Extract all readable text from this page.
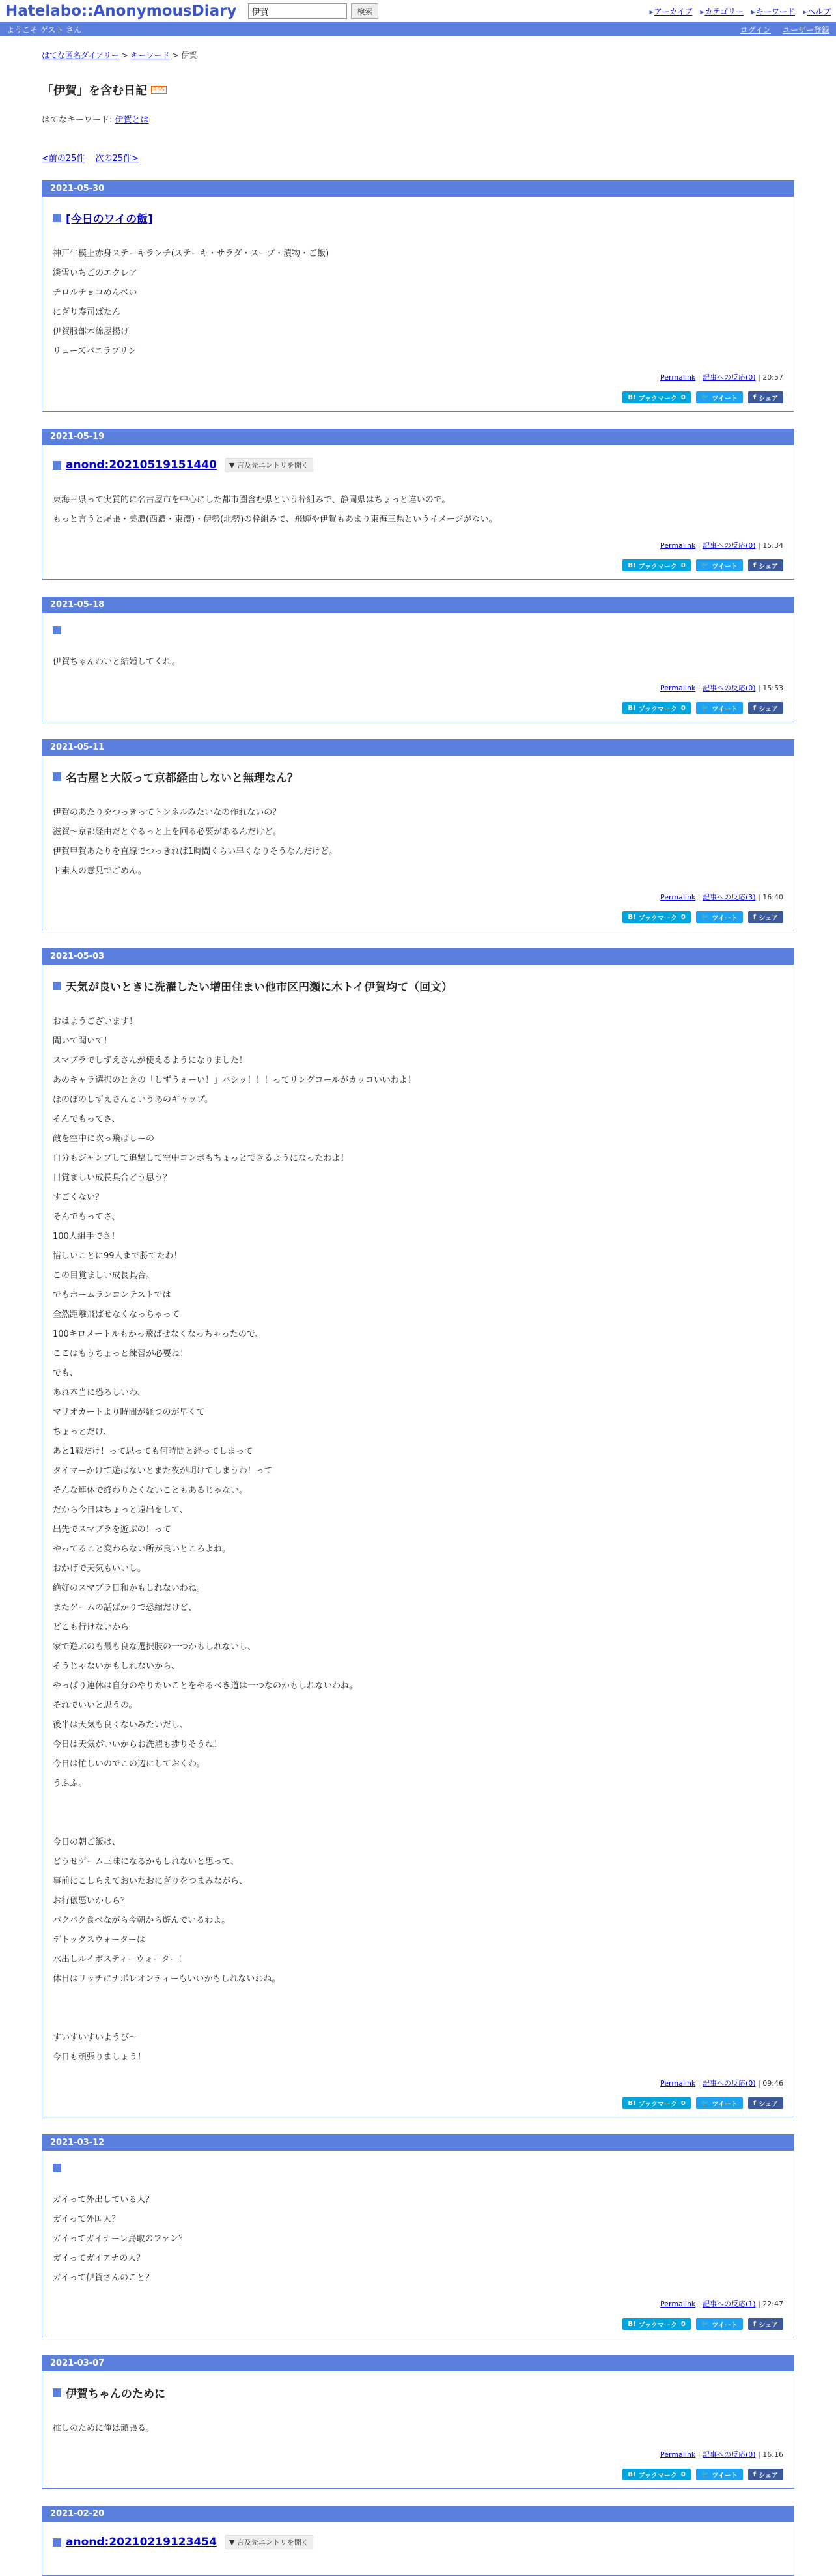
Hatelabo::AnonymousDiary
伊賀	検索	▸ アーカイブ	▸ カテゴリー	▸ キーワード	▸ ヘルプ
ようこそ ゲスト さん	ログイン ユーザー登録
はてな匿名ダイアリー > キーワード > 伊賀
「伊賀」を含む日記	RSS
はてなキーワード: 伊賀とは
<前の25件 次の25件>
2021-05-30
[今日のワイの飯]
神戸牛模上赤身ステーキランチ(ステーキ・サラダ・スープ・漬物・ご飯)
淡雪いちごのエクレア
チロルチョコめんべい
にぎり寿司ばたん
伊賀服部木綿屋揚げ
リューズバニラプリン
Permalink | 記事への反応(0) | 20:57
B! ブックマーク 0 🐦 ツイート f シェア
2021-05-19
anond:20210519151440	▼ 言及先エントリを開く
東海三県って実質的に名古屋市を中心にした都市圏含む県という枠組みで、静岡県はちょっと違いので。
もっと言うと尾張・美濃(西濃・東濃)・伊勢(北勢)の枠組みで、飛騨や伊賀もあまり東海三県というイメージがない。
Permalink | 記事への反応(0) | 15:34
B! ブックマーク 0 🐦 ツイート f シェア
2021-05-18
伊賀ちゃんわいと結婚してくれ。
Permalink | 記事への反応(0) | 15:53
B! ブックマーク 0 🐦 ツイート f シェア
2021-05-11
名古屋と大阪って京都経由しないと無理なん？
伊賀のあたりをつっきってトンネルみたいなの作れないの？
滋賀〜京都経由だとぐるっと上を回る必要があるんだけど。
伊賀甲賀あたりを直線でつっきれば1時間くらい早くなりそうなんだけど。
ド素人の意見でごめん。
Permalink | 記事への反応(3) | 16:40
B! ブックマーク 0 🐦 ツイート f シェア
2021-05-03
天気が良いときに洗濯したい増田住まい他市区円瀬に木トイ伊賀均て（回文）
おはようございます！
聞いて聞いて！
スマブラでしずえさんが使えるようになりました！
あのキャラ選択のときの「しずうぇーい！」バシッ！！！ってリングコールがカッコいいわよ！
ほのぼのしずえさんというあのギャップ。
そんでもってさ、
敵を空中に吹っ飛ばしーの
自分もジャンプして追撃して空中コンボもちょっとできるようになったわよ！
目覚ましい成長具合どう思う？
すごくない？
そんでもってさ、
100人組手でさ！
惜しいことに99人まで勝てたわ！
この目覚ましい成長具合。
でもホームランコンテストでは
全然距離飛ばせなくなっちゃって
100キロメートルもかっ飛ばせなくなっちゃったので、
ここはもうちょっと練習が必要ね！
でも、
あれ本当に恐ろしいわ、
マリオカートより時間が経つのが早くて
ちょっとだけ、
あと1戦だけ！って思っても何時間と経ってしまって
タイマーかけて遊ばないとまた夜が明けてしまうわ！って
そんな連休で終わりたくないこともあるじゃない。
だから今日はちょっと遠出をして、
出先でスマブラを遊ぶの！って
やってること変わらない所が良いところよね。
おかげで天気もいいし。
絶好のスマブラ日和かもしれないわね。
またゲームの話ばかりで恐縮だけど、
どこも行けないから
家で遊ぶのも最も良な選択肢の一つかもしれないし、
そうじゃないかもしれないから、
やっぱり連休は自分のやりたいことをやるべき道は一つなのかもしれないわね。
それでいいと思うの。
後半は天気も良くないみたいだし、
今日は天気がいいからお洗濯も捗りそうね！
今日は忙しいのでこの辺にしておくわ。
うふふ。
今日の朝ご飯は、
どうせゲーム三昧になるかもしれないと思って、
事前にこしらえておいたおにぎりをつまみながら、
お行儀悪いかしら？
パクパク食べながら今朝から遊んでいるわよ。
デトックスウォーターは
水出しルイボスティーウォーター！
休日はリッチにナポレオンティーもいいかもしれないわね。
すいすいすいようび〜
今日も頑張りましょう！
Permalink | 記事への反応(0) | 09:46
B! ブックマーク 0 🐦 ツイート f シェア
2021-03-12
ガイって外出している人？
ガイって外国人？
ガイってガイナーレ鳥取のファン？
ガイってガイアナの人？
ガイって伊賀さんのこと？
Permalink | 記事への反応(1) | 22:47
B! ブックマーク 0 🐦 ツイート f シェア
2021-03-07
伊賀ちゃんのために
推しのために俺は頑張る。
Permalink | 記事への反応(0) | 16:16
B! ブックマーク 0 🐦 ツイート f シェア
2021-02-20
anond:20210219123454	▼ 言及先エントリを開く
